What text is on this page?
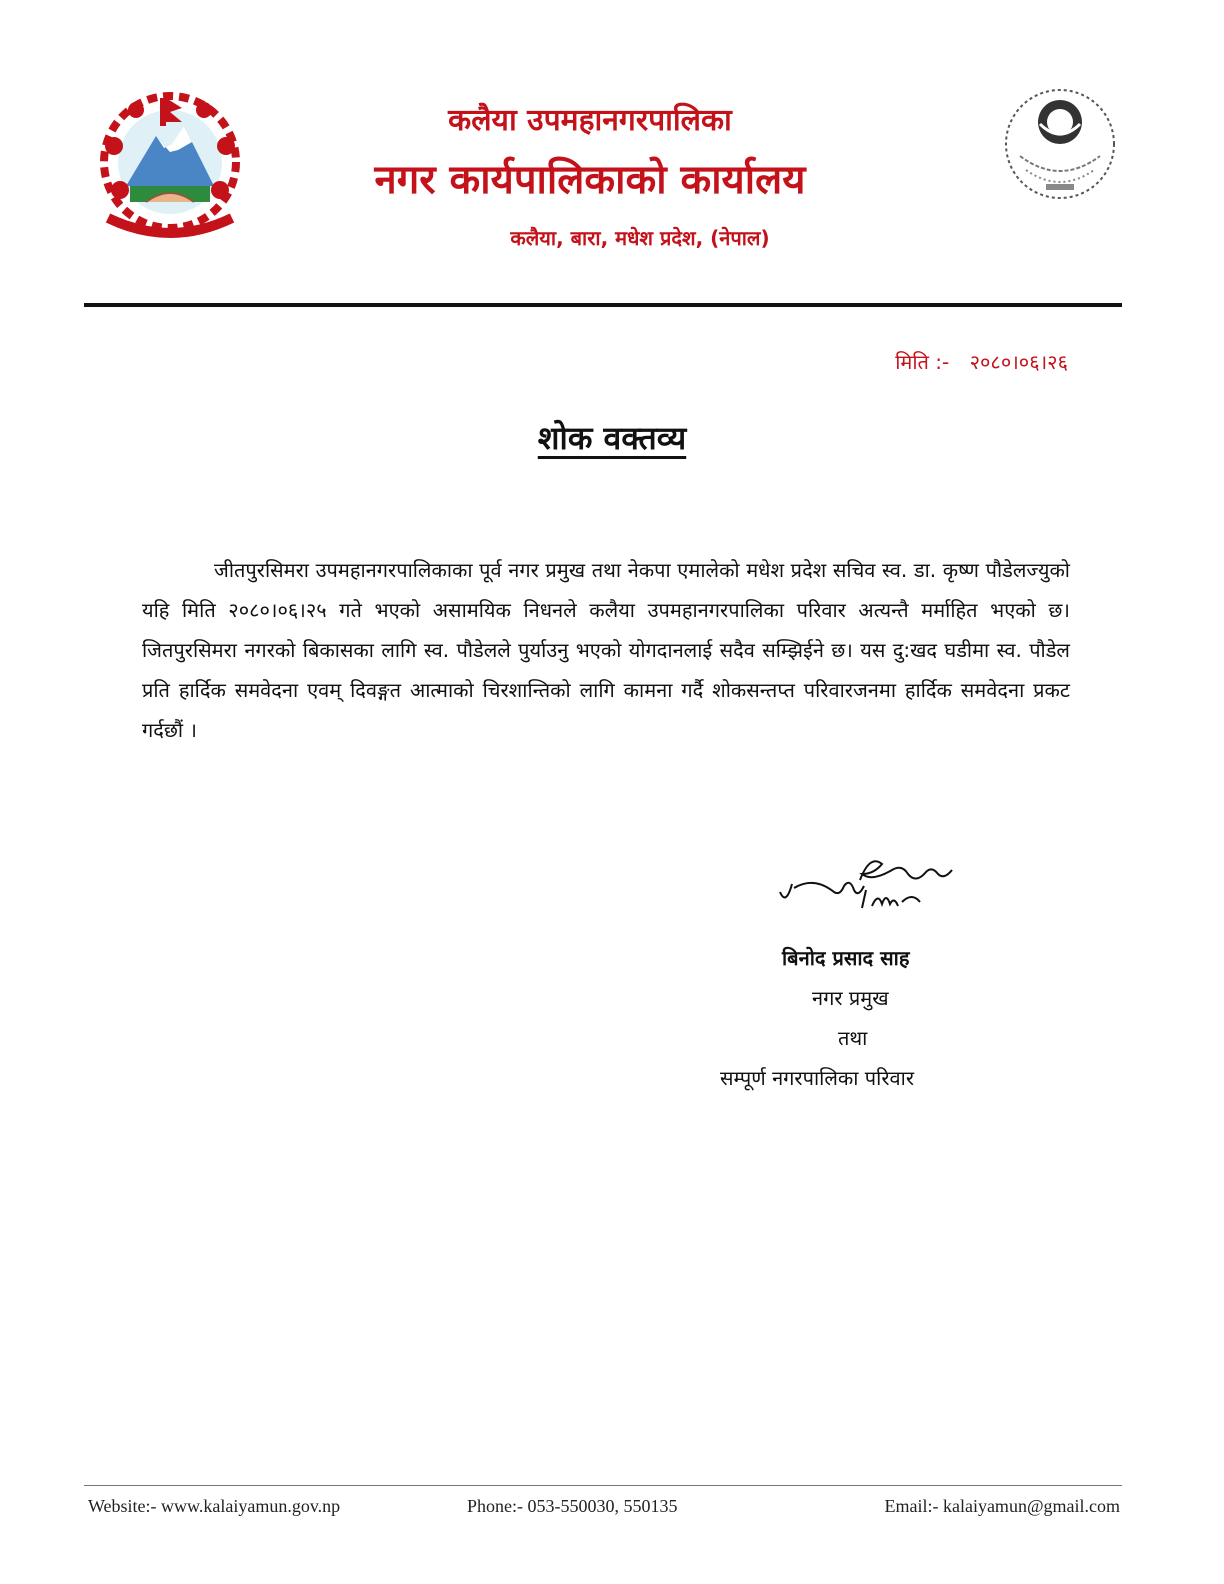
कलैया उपमहानगरपालिका
नगर कार्यपालिकाको कार्यालय
कलैया, बारा, मधेश प्रदेश, (नेपाल)
मिति :- २०८०।०६।२६
शोक वक्तव्य
जीतपुरसिमरा उपमहानगरपालिकाका पूर्व नगर प्रमुख तथा नेकपा एमालेको मधेश प्रदेश सचिव स्व. डा. कृष्ण पौडेलज्युको यहि मिति २०८०।०६।२५ गते भएको असामयिक निधनले कलैया उपमहानगरपालिका परिवार अत्यन्तै मर्माहित भएको छ। जितपुरसिमरा नगरको बिकासका लागि स्व. पौडेलले पुर्याउनु भएको योगदानलाई सदैव सम्झिईने छ। यस दु:खद घडीमा स्व. पौडेल प्रति हार्दिक समवेदना एवम् दिवङ्गत आत्माको चिरशान्तिको लागि कामना गर्दै शोकसन्तप्त परिवारजनमा हार्दिक समवेदना प्रकट गर्दछौं ।
बिनोद प्रसाद साह
नगर प्रमुख
तथा
सम्पूर्ण नगरपालिका परिवार
Website:- www.kalaiyamun.gov.np	Phone:- 053-550030, 550135	Email:- kalaiyamun@gmail.com
